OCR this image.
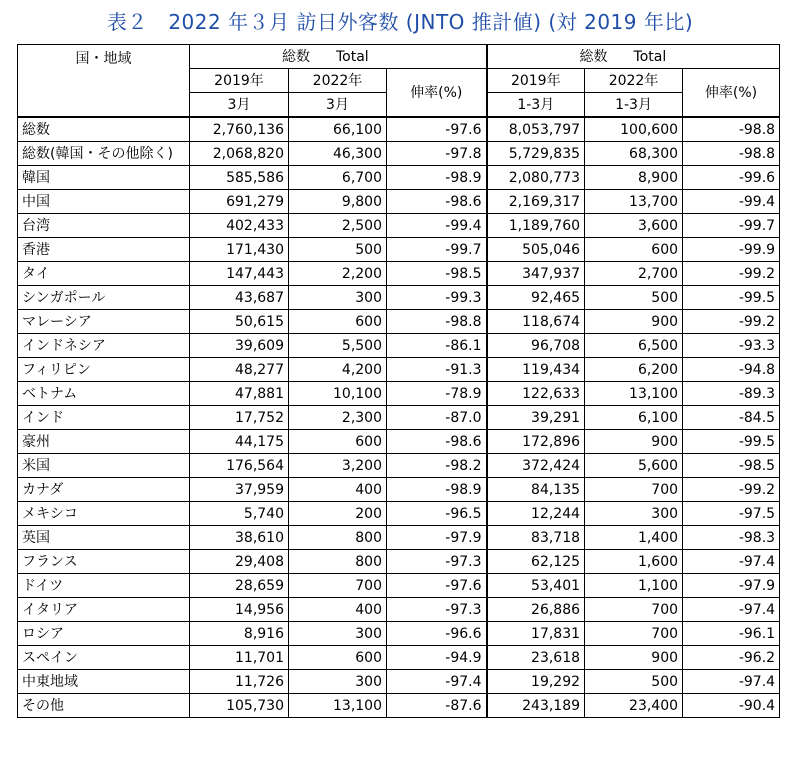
表２　2022 年３月 訪日外客数 (JNTO 推計値) (対 2019 年比)
国・地域	総数 Total			総数 Total		
	2019年	2022年	伸率(%)	2019年	2022年	伸率(%)
	3月	3月		1-3月	1-3月	
総数	2,760,136	66,100	-97.6	8,053,797	100,600	-98.8
総数(韓国・その他除く)	2,068,820	46,300	-97.8	5,729,835	68,300	-98.8
韓国	585,586	6,700	-98.9	2,080,773	8,900	-99.6
中国	691,279	9,800	-98.6	2,169,317	13,700	-99.4
台湾	402,433	2,500	-99.4	1,189,760	3,600	-99.7
香港	171,430	500	-99.7	505,046	600	-99.9
タイ	147,443	2,200	-98.5	347,937	2,700	-99.2
シンガポール	43,687	300	-99.3	92,465	500	-99.5
マレーシア	50,615	600	-98.8	118,674	900	-99.2
インドネシア	39,609	5,500	-86.1	96,708	6,500	-93.3
フィリピン	48,277	4,200	-91.3	119,434	6,200	-94.8
ベトナム	47,881	10,100	-78.9	122,633	13,100	-89.3
インド	17,752	2,300	-87.0	39,291	6,100	-84.5
豪州	44,175	600	-98.6	172,896	900	-99.5
米国	176,564	3,200	-98.2	372,424	5,600	-98.5
カナダ	37,959	400	-98.9	84,135	700	-99.2
メキシコ	5,740	200	-96.5	12,244	300	-97.5
英国	38,610	800	-97.9	83,718	1,400	-98.3
フランス	29,408	800	-97.3	62,125	1,600	-97.4
ドイツ	28,659	700	-97.6	53,401	1,100	-97.9
イタリア	14,956	400	-97.3	26,886	700	-97.4
ロシア	8,916	300	-96.6	17,831	700	-96.1
スペイン	11,701	600	-94.9	23,618	900	-96.2
中東地域	11,726	300	-97.4	19,292	500	-97.4
その他	105,730	13,100	-87.6	243,189	23,400	-90.4
